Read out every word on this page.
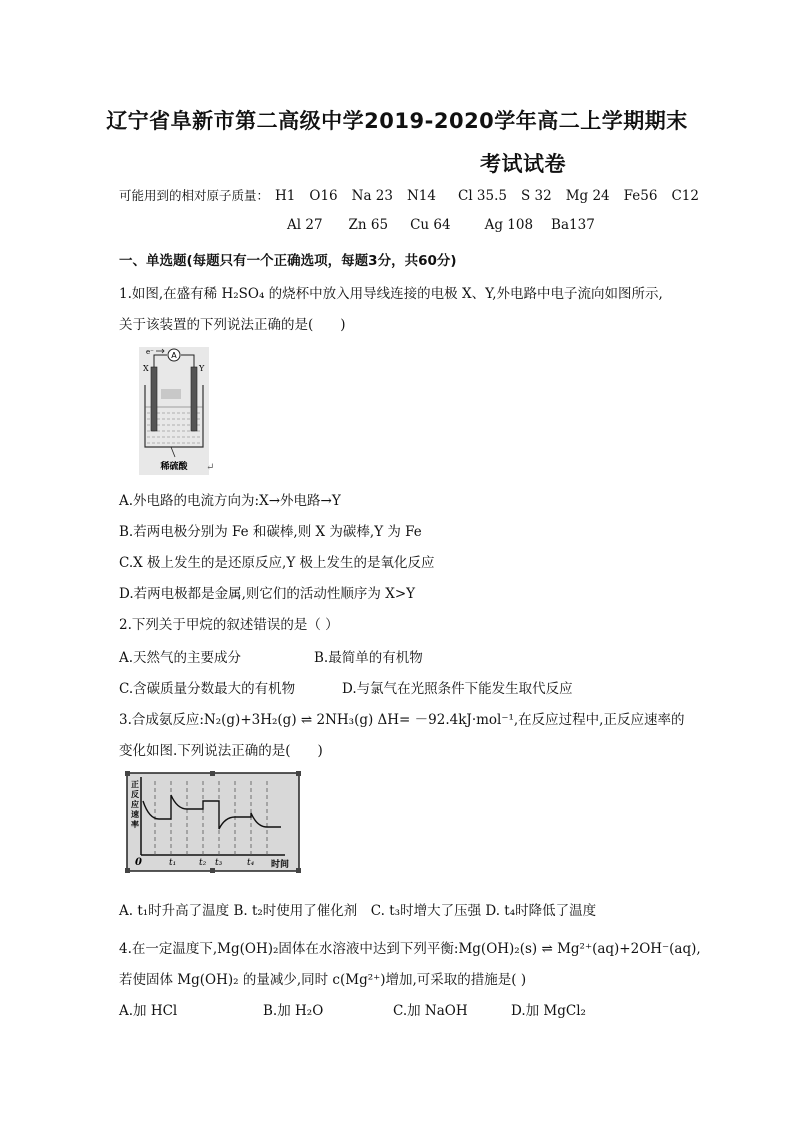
辽宁省阜新市第二高级中学2019-2020学年高二上学期期末
考试试卷
可能用到的相对原子质量： H1 O16 Na 23 N14 Cl 35.5 S 32 Mg 24 Fe56 C12
Al 27 Zn 65 Cu 64	Ag 108 Ba137
一、单选题(每题只有一个正确选项，每题3分，共60分)
1.如图,在盛有稀 H₂SO₄ 的烧杯中放入用导线连接的电极 X、Y,外电路中电子流向如图所示,
关于该装置的下列说法正确的是(　　)
A
e⁻
X	Y
稀硫酸 ↵
A.外电路的电流方向为:X→外电路→Y
B.若两电极分别为 Fe 和碳棒,则 X 为碳棒,Y 为 Fe
C.X 极上发生的是还原反应,Y 极上发生的是氧化反应
D.若两电极都是金属,则它们的活动性顺序为 X>Y
2.下列关于甲烷的叙述错误的是（ ）
A.天然气的主要成分	B.最简单的有机物
C.含碳质量分数最大的有机物	D.与氯气在光照条件下能发生取代反应
3.合成氨反应:N₂(g)+3H₂(g) ⇌ 2NH₃(g) ΔH= －92.4kJ·mol⁻¹,在反应过程中,正反应速率的
变化如图.下列说法正确的是(　　)
正反应速率
0	t₁	t₂ t₃	t₄ 时间
A. t₁时升高了温度 B. t₂时使用了催化剂　C. t₃时增大了压强 D. t₄时降低了温度
4.在一定温度下,Mg(OH)₂固体在水溶液中达到下列平衡:Mg(OH)₂(s) ⇌ Mg²⁺(aq)+2OH⁻(aq),
若使固体 Mg(OH)₂ 的量减少,同时 c(Mg²⁺)增加,可采取的措施是( )
A.加 HCl	B.加 H₂O	C.加 NaOH	D.加 MgCl₂
